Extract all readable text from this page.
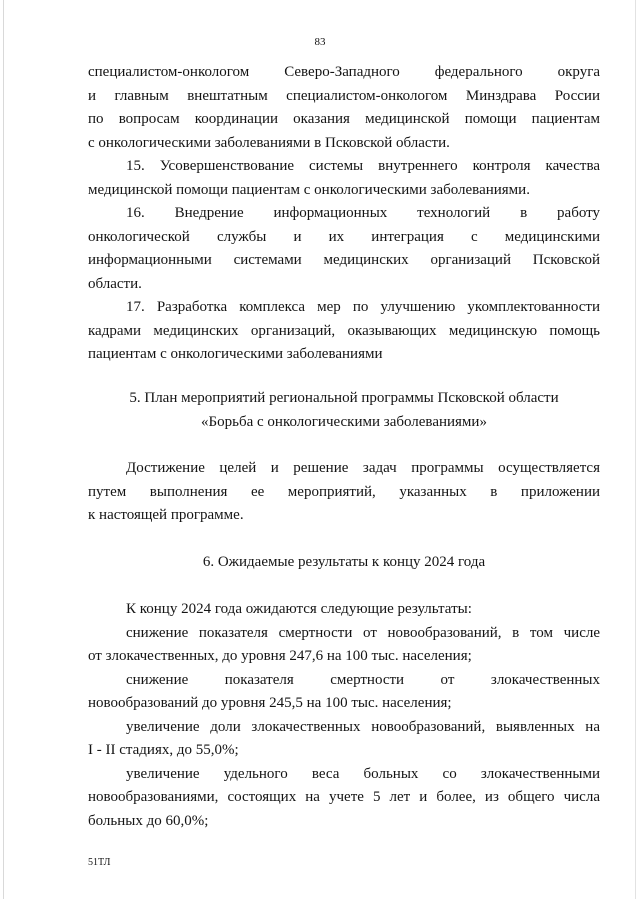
83

специалистом-онкологом Северо-Западного федерального округа
и главным внештатным специалистом-онкологом Минздрава России
по вопросам координации оказания медицинской помощи пациентам
с онкологическими заболеваниями в Псковской области.

15. Усовершенствование системы внутреннего контроля качества
медицинской помощи пациентам с онкологическими заболеваниями.

16. Внедрение информационных технологий в работу
онкологической службы и их интеграция с медицинскими
информационными системами медицинских организаций Псковской
области.

17. Разработка комплекса мер по улучшению укомплектованности
кадрами медицинских организаций, оказывающих медицинскую помощь
пациентам с онкологическими заболеваниями

5. План мероприятий региональной программы Псковской области

«Борьба с онкологическими заболеваниями»

Достижение целей и решение задач программы осуществляется
путем выполнения ее мероприятий, указанных в приложении
к настоящей программе.

6. Ожидаемые результаты к концу 2024 года

К концу 2024 года ожидаются следующие результаты:

снижение показателя смертности от новообразований, в том числе
от злокачественных, до уровня 247,6 на 100 тыс. населения;

снижение показателя смертности от злокачественных
новообразований до уровня 245,5 на 100 тыс. населения;

увеличение доли злокачественных новообразований, выявленных на
I - II стадиях, до 55,0%;

увеличение удельного веса больных со злокачественными
новообразованиями, состоящих на учете 5 лет и более, из общего числа
больных до 60,0%;

51ТЛ
